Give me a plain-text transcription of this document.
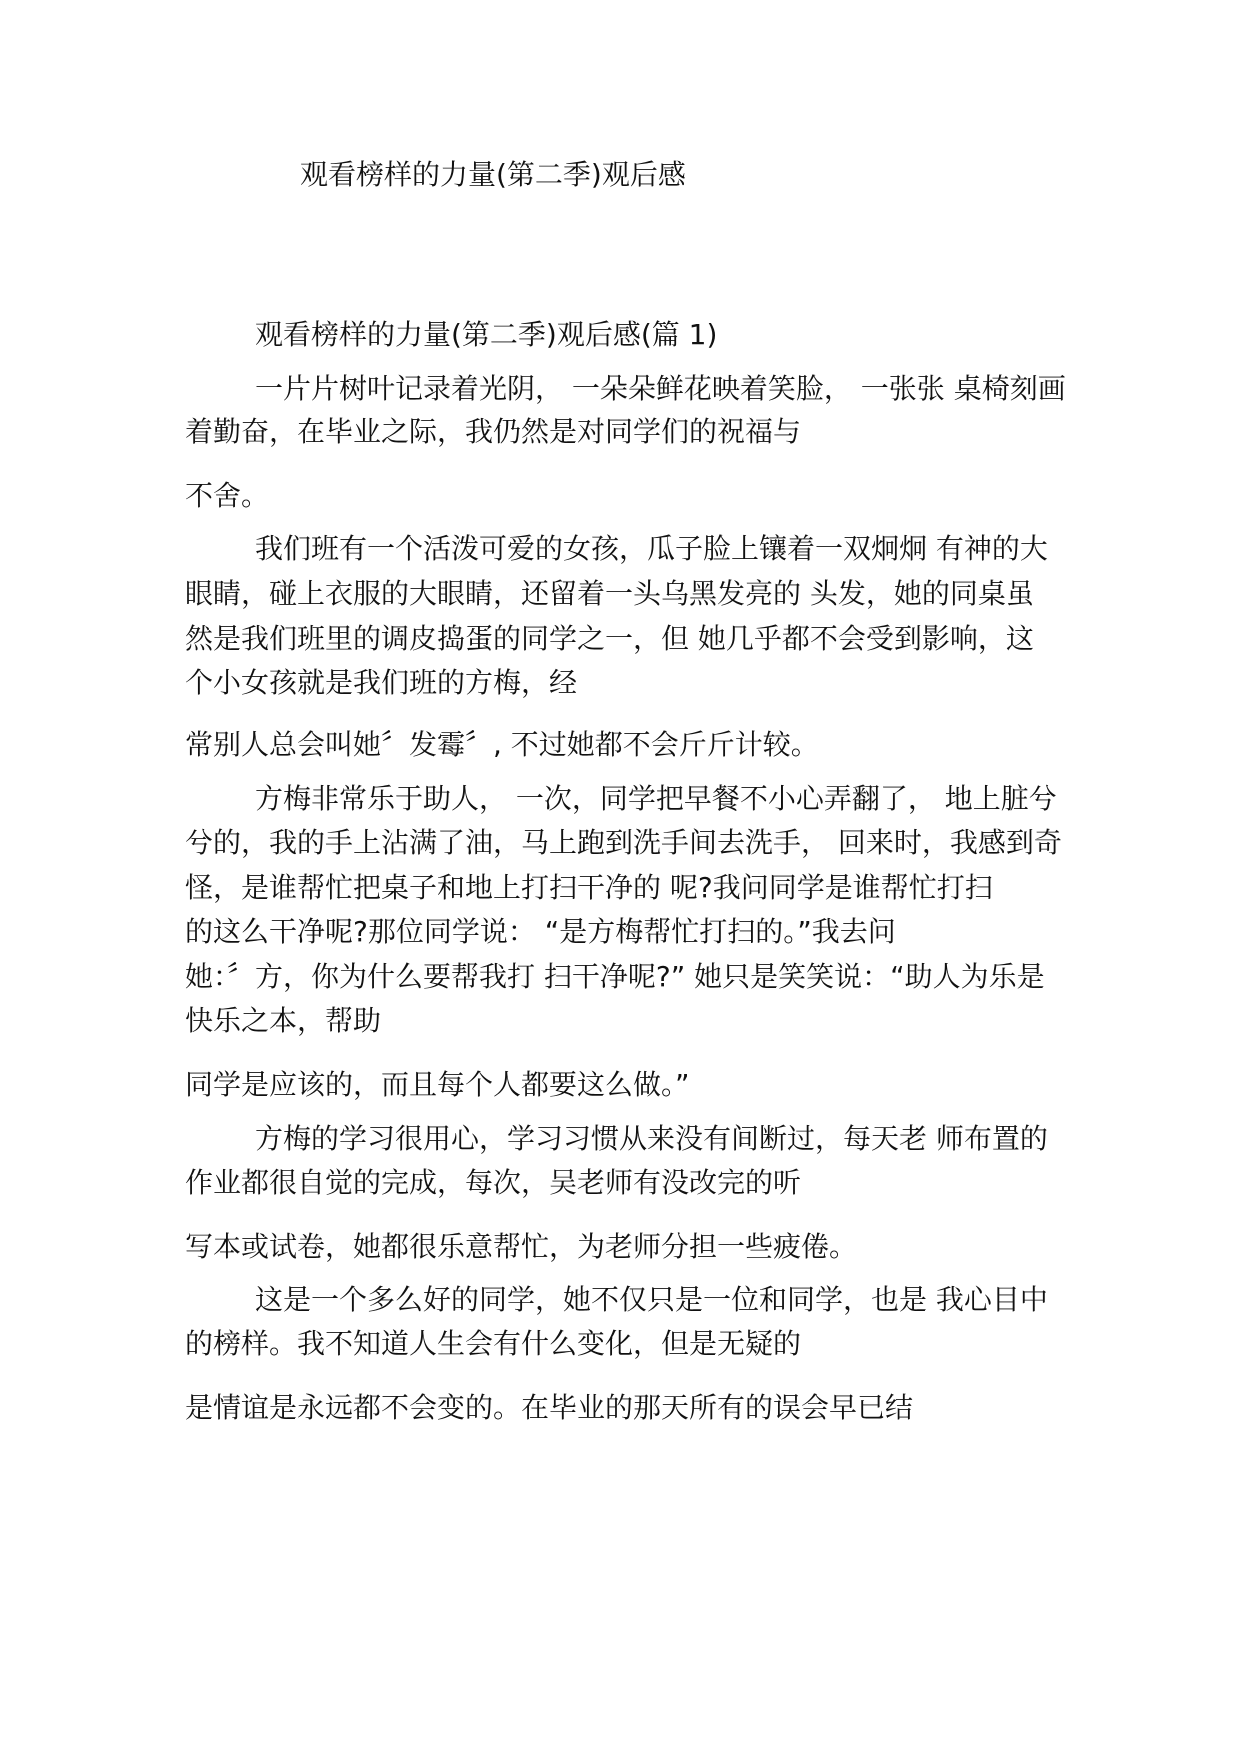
观看榜样的力量(第二季)观后感
观看榜样的力量(第二季)观后感(篇 1)
一片片树叶记录着光阴， 一朵朵鲜花映着笑脸， 一张张 桌椅刻画
着勤奋，在毕业之际，我仍然是对同学们的祝福与
不舍。
我们班有一个活泼可爱的女孩，瓜子脸上镶着一双炯炯 有神的大
眼睛，碰上衣服的大眼睛，还留着一头乌黑发亮的 头发，她的同桌虽
然是我们班里的调皮捣蛋的同学之一，但 她几乎都不会受到影响，这
个小女孩就是我们班的方梅，经
常别人总会叫她〞发霉〞, 不过她都不会斤斤计较。
方梅非常乐于助人， 一次，同学把早餐不小心弄翻了， 地上脏兮
兮的，我的手上沾满了油，马上跑到洗手间去洗手， 回来时，我感到奇
怪，是谁帮忙把桌子和地上打扫干净的 呢?我问同学是谁帮忙打扫
的这么干净呢?那位同学说： “是方梅帮忙打扫的。”我去问
她：〞方，你为什么要帮我打 扫干净呢?” 她只是笑笑说：“助人为乐是
快乐之本，帮助
同学是应该的，而且每个人都要这么做。”
方梅的学习很用心，学习习惯从来没有间断过，每天老 师布置的
作业都很自觉的完成，每次，吴老师有没改完的听
写本或试卷，她都很乐意帮忙，为老师分担一些疲倦。
这是一个多么好的同学，她不仅只是一位和同学，也是 我心目中
的榜样。我不知道人生会有什么变化，但是无疑的
是情谊是永远都不会变的。在毕业的那天所有的误会早已结
